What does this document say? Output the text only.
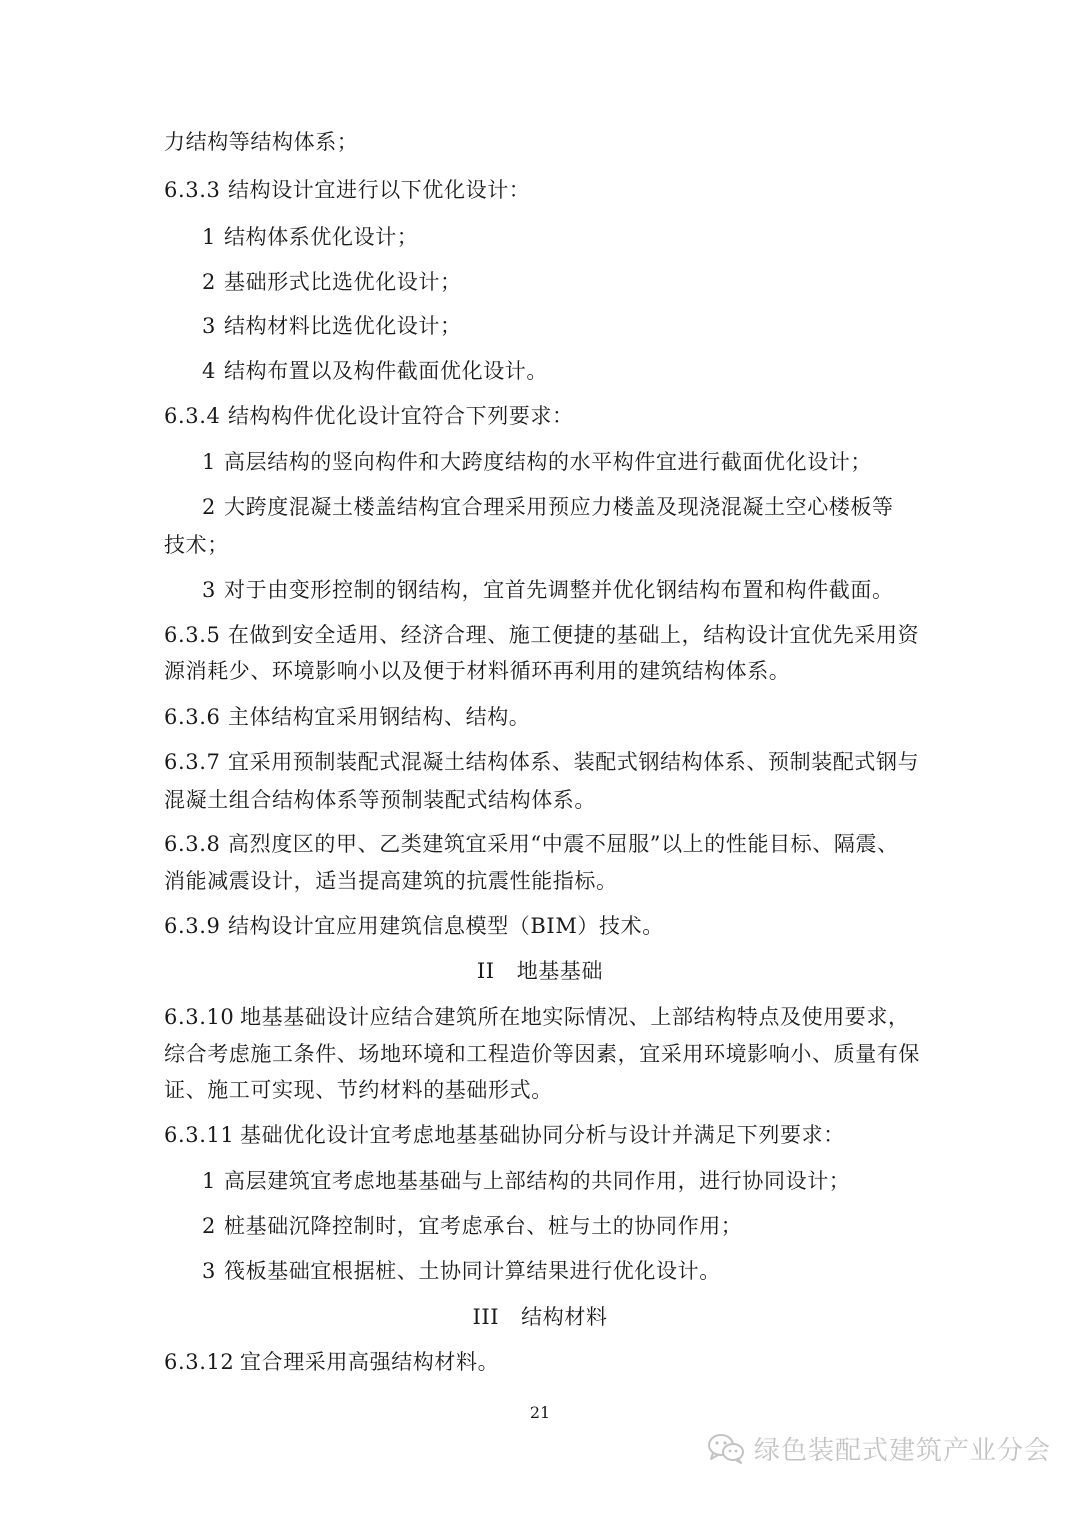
力结构等结构体系；
6.3.3 结构设计宜进行以下优化设计：
1 结构体系优化设计；
2 基础形式比选优化设计；
3 结构材料比选优化设计；
4 结构布置以及构件截面优化设计。
6.3.4 结构构件优化设计宜符合下列要求：
1 高层结构的竖向构件和大跨度结构的水平构件宜进行截面优化设计；
2 大跨度混凝土楼盖结构宜合理采用预应力楼盖及现浇混凝土空心楼板等
技术；
3 对于由变形控制的钢结构，宜首先调整并优化钢结构布置和构件截面。
6.3.5 在做到安全适用、经济合理、施工便捷的基础上，结构设计宜优先采用资
源消耗少、环境影响小以及便于材料循环再利用的建筑结构体系。
6.3.6 主体结构宜采用钢结构、结构。
6.3.7 宜采用预制装配式混凝土结构体系、装配式钢结构体系、预制装配式钢与
混凝土组合结构体系等预制装配式结构体系。
6.3.8 高烈度区的甲、乙类建筑宜采用“中震不屈服”以上的性能目标、隔震、
消能减震设计，适当提高建筑的抗震性能指标。
6.3.9 结构设计宜应用建筑信息模型（BIM）技术。
II 地基基础
6.3.10 地基基础设计应结合建筑所在地实际情况、上部结构特点及使用要求，
综合考虑施工条件、场地环境和工程造价等因素，宜采用环境影响小、质量有保
证、施工可实现、节约材料的基础形式。
6.3.11 基础优化设计宜考虑地基基础协同分析与设计并满足下列要求：
1 高层建筑宜考虑地基基础与上部结构的共同作用，进行协同设计；
2 桩基础沉降控制时，宜考虑承台、桩与土的协同作用；
3 筏板基础宜根据桩、土协同计算结果进行优化设计。
III 结构材料
6.3.12 宜合理采用高强结构材料。
21
绿色装配式建筑产业分会
